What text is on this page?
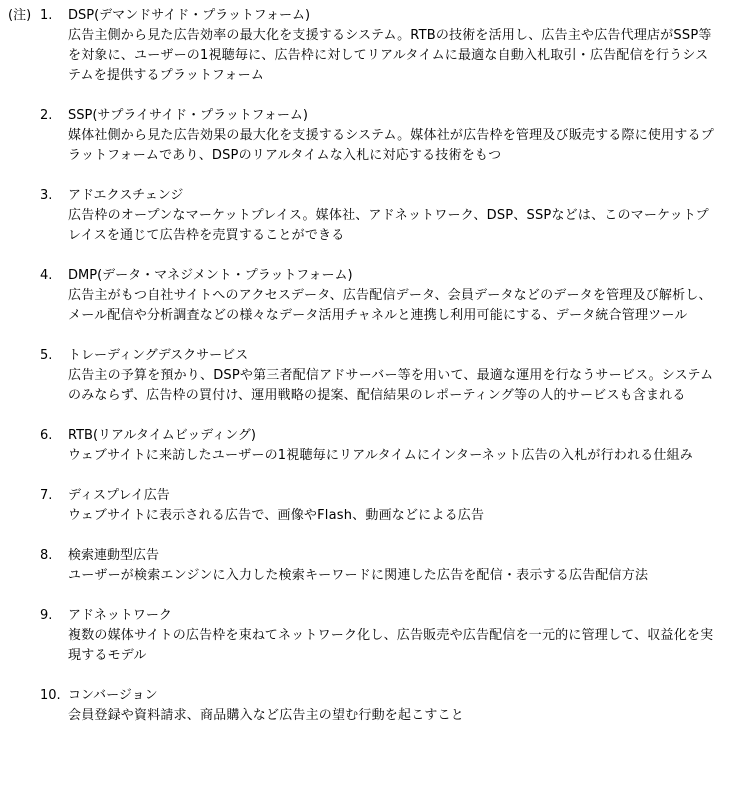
(注) 1.	DSP(デマンドサイド・プラットフォーム)
広告主側から見た広告効率の最大化を支援するシステム。RTBの技術を活用し、広告主や広告代理店がSSP等を対象に、ユーザーの1視聴毎に、広告枠に対してリアルタイムに最適な自動入札取引・広告配信を行うシステムを提供するプラットフォーム
2.	SSP(サプライサイド・プラットフォーム)
媒体社側から見た広告効果の最大化を支援するシステム。媒体社が広告枠を管理及び販売する際に使用するプラットフォームであり、DSPのリアルタイムな入札に対応する技術をもつ
3.	アドエクスチェンジ
広告枠のオープンなマーケットプレイス。媒体社、アドネットワーク、DSP、SSPなどは、このマーケットプレイスを通じて広告枠を売買することができる
4.	DMP(データ・マネジメント・プラットフォーム)
広告主がもつ自社サイトへのアクセスデータ、広告配信データ、会員データなどのデータを管理及び解析し、メール配信や分析調査などの様々なデータ活用チャネルと連携し利用可能にする、データ統合管理ツール
5.	トレーディングデスクサービス
広告主の予算を預かり、DSPや第三者配信アドサーバー等を用いて、最適な運用を行なうサービス。システムのみならず、広告枠の買付け、運用戦略の提案、配信結果のレポーティング等の人的サービスも含まれる
6.	RTB(リアルタイムビッディング)
ウェブサイトに来訪したユーザーの1視聴毎にリアルタイムにインターネット広告の入札が行われる仕組み
7.	ディスプレイ広告
ウェブサイトに表示される広告で、画像やFlash、動画などによる広告
8.	検索連動型広告
ユーザーが検索エンジンに入力した検索キーワードに関連した広告を配信・表示する広告配信方法
9.	アドネットワーク
複数の媒体サイトの広告枠を束ねてネットワーク化し、広告販売や広告配信を一元的に管理して、収益化を実現するモデル
10. コンバージョン
会員登録や資料請求、商品購入など広告主の望む行動を起こすこと
